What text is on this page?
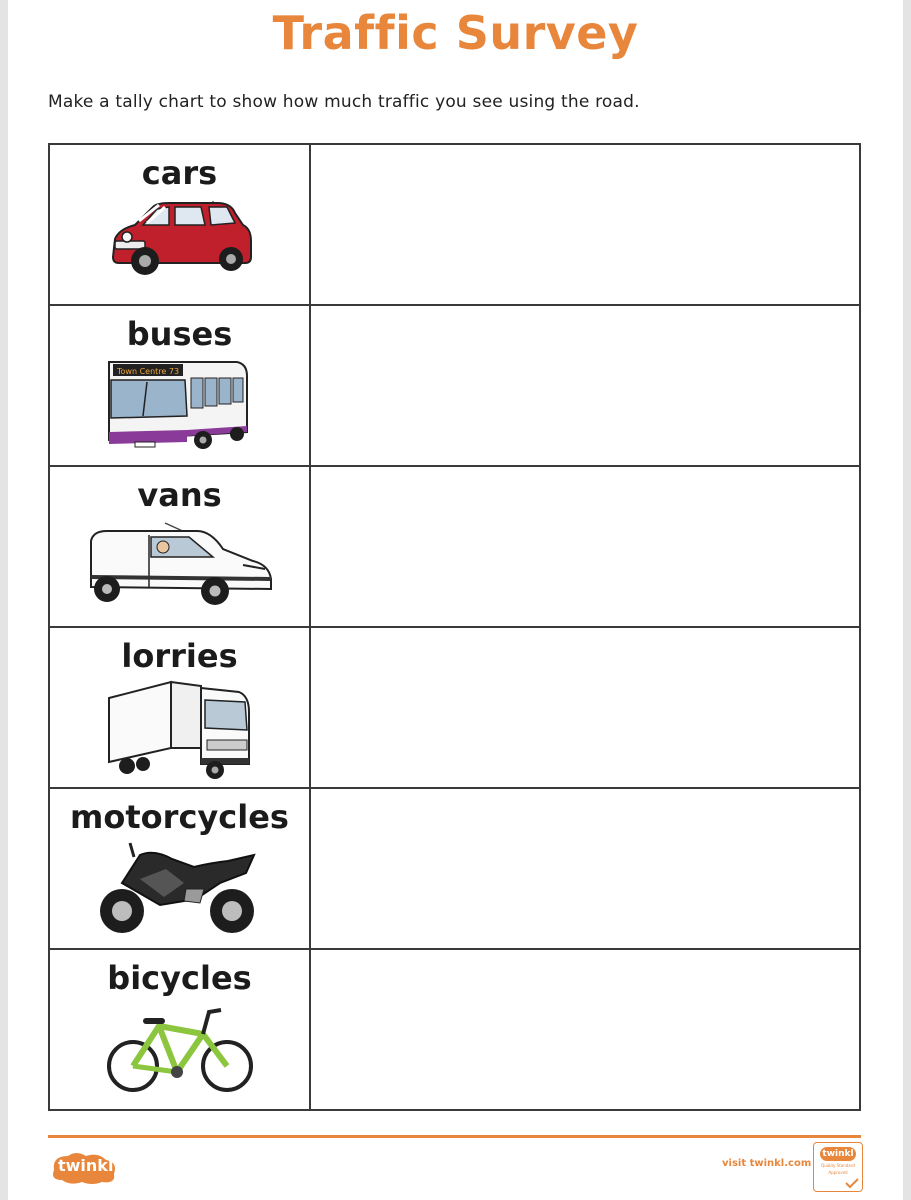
Traffic Survey
Make a tally chart to show how much traffic you see using the road.
cars	

buses
Town Centre 73	

vans	

lorries	

motorcycles	

bicycles	

twinkl	visit twinkl.com
twinkl
Quality Standard
Approved
